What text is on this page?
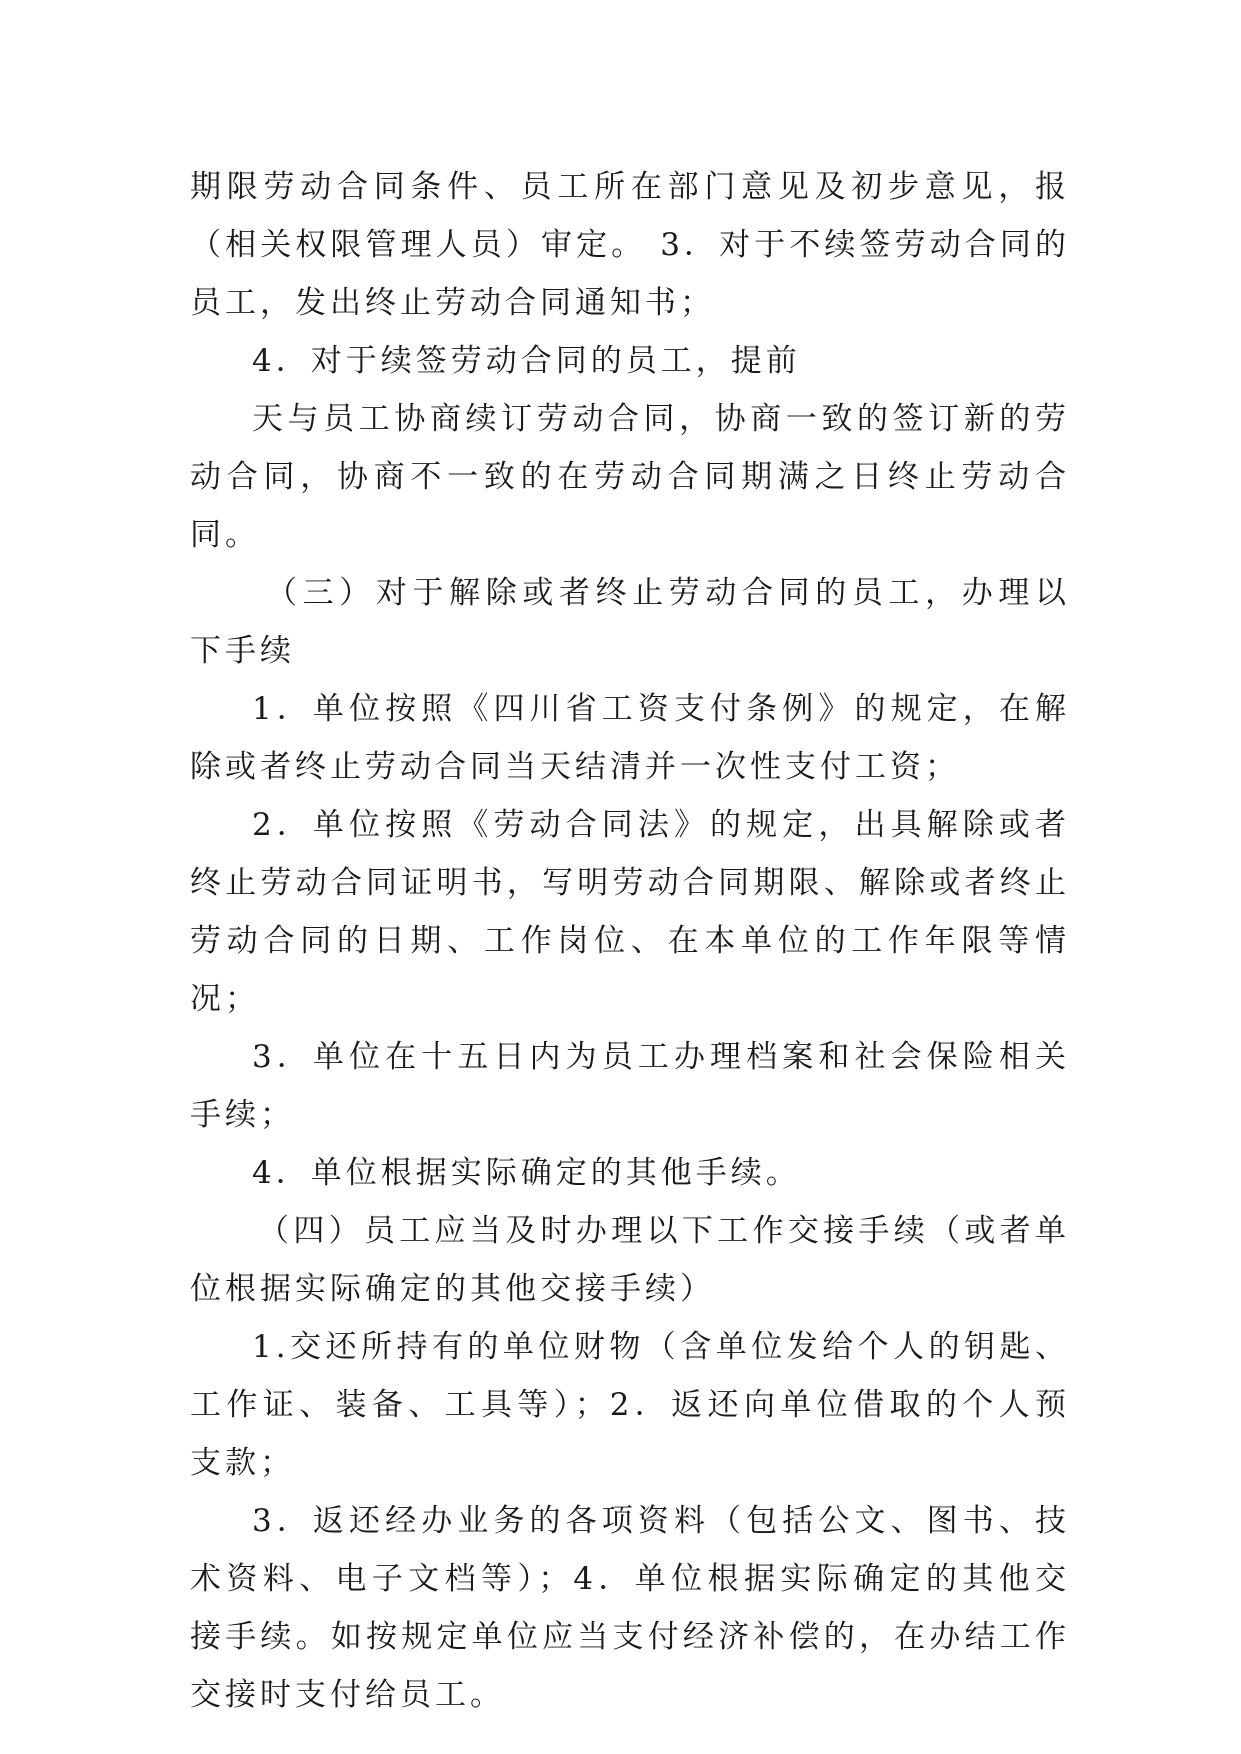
期限劳动合同条件、员工所在部门意见及初步意见，报（相关权限管理人员）审定。 3．对于不续签劳动合同的员工，发出终止劳动合同通知书；

4．对于续签劳动合同的员工，提前

天与员工协商续订劳动合同，协商一致的签订新的劳动合同，协商不一致的在劳动合同期满之日终止劳动合同。

（三）对于解除或者终止劳动合同的员工，办理以下手续

1．单位按照《四川省工资支付条例》的规定，在解除或者终止劳动合同当天结清并一次性支付工资；

2．单位按照《劳动合同法》的规定，出具解除或者终止劳动合同证明书，写明劳动合同期限、解除或者终止劳动合同的日期、工作岗位、在本单位的工作年限等情况；

3．单位在十五日内为员工办理档案和社会保险相关手续；

4．单位根据实际确定的其他手续。

（四）员工应当及时办理以下工作交接手续（或者单位根据实际确定的其他交接手续）

1.交还所持有的单位财物（含单位发给个人的钥匙、工作证、装备、工具等）；2．返还向单位借取的个人预支款；

3．返还经办业务的各项资料（包括公文、图书、技术资料、电子文档等）；4．单位根据实际确定的其他交接手续。如按规定单位应当支付经济补偿的，在办结工作交接时支付给员工。
